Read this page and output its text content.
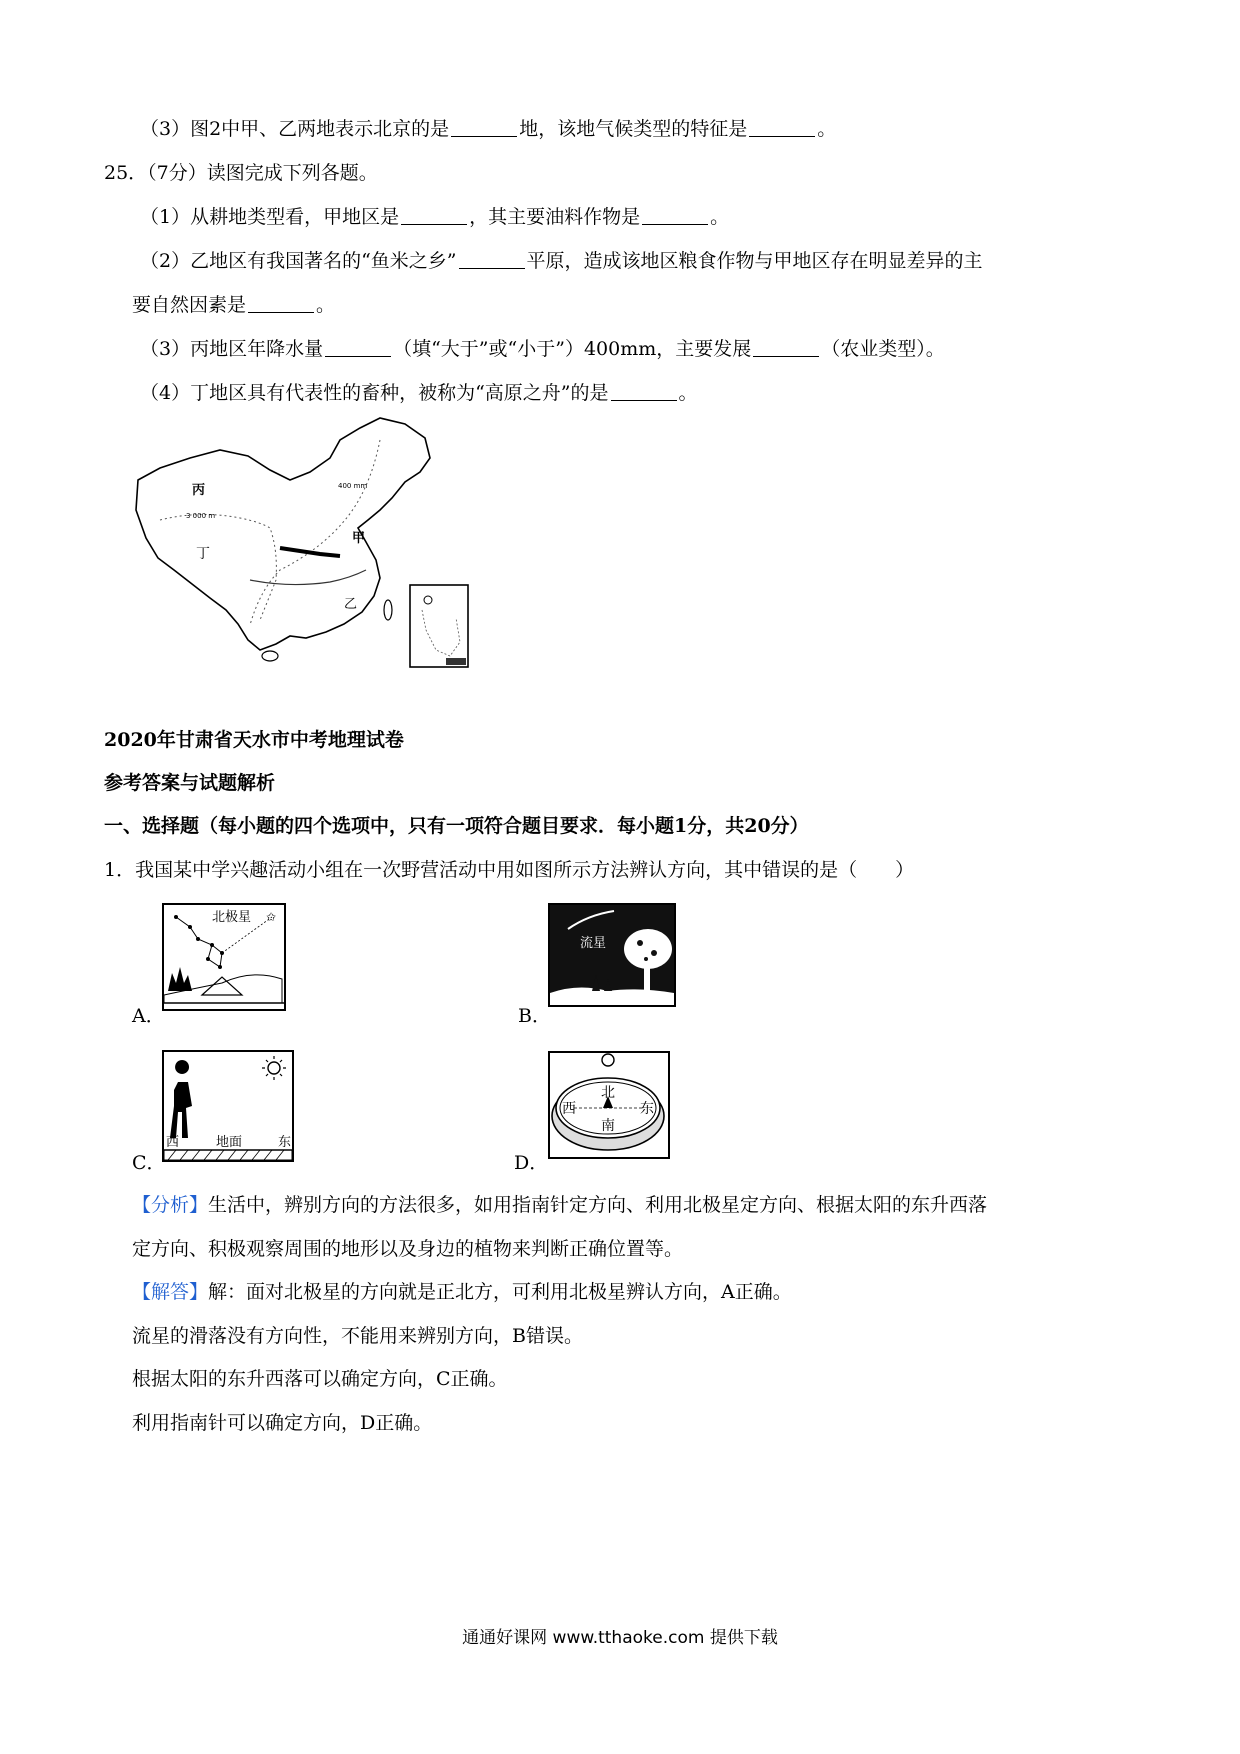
（3）图2中甲、乙两地表示北京的是	地，该地气候类型的特征是	。
25．（7分）读图完成下列各题。
（1）从耕地类型看，甲地区是	，其主要油料作物是	。
（2）乙地区有我国著名的“鱼米之乡”	平原，造成该地区粮食作物与甲地区存在明显差异的主
要自然因素是	。
（3）丙地区年降水量	（填“大于”或“小于”）400mm，主要发展	（农业类型）。
（4）丁地区具有代表性的畜种，被称为“高原之舟”的是	。
丙
3 000 m
400 mm
丁
甲
乙
2020年甘肃省天水市中考地理试卷
参考答案与试题解析
一、选择题（每小题的四个选项中，只有一项符合题目要求．每小题1分，共20分）
1．我国某中学兴趣活动小组在一次野营活动中用如图所示方法辨认方向，其中错误的是（　　）
北极星 ✩
A．
流星
B．
西	地面	东
C．
北
南
西	东
D．
【分析】生活中，辨别方向的方法很多，如用指南针定方向、利用北极星定方向、根据太阳的东升西落
定方向、积极观察周围的地形以及身边的植物来判断正确位置等。
【解答】解：面对北极星的方向就是正北方，可利用北极星辨认方向，A正确。
流星的滑落没有方向性，不能用来辨别方向，B错误。
根据太阳的东升西落可以确定方向，C正确。
利用指南针可以确定方向，D正确。
通通好课网 www.tthaoke.com 提供下载
